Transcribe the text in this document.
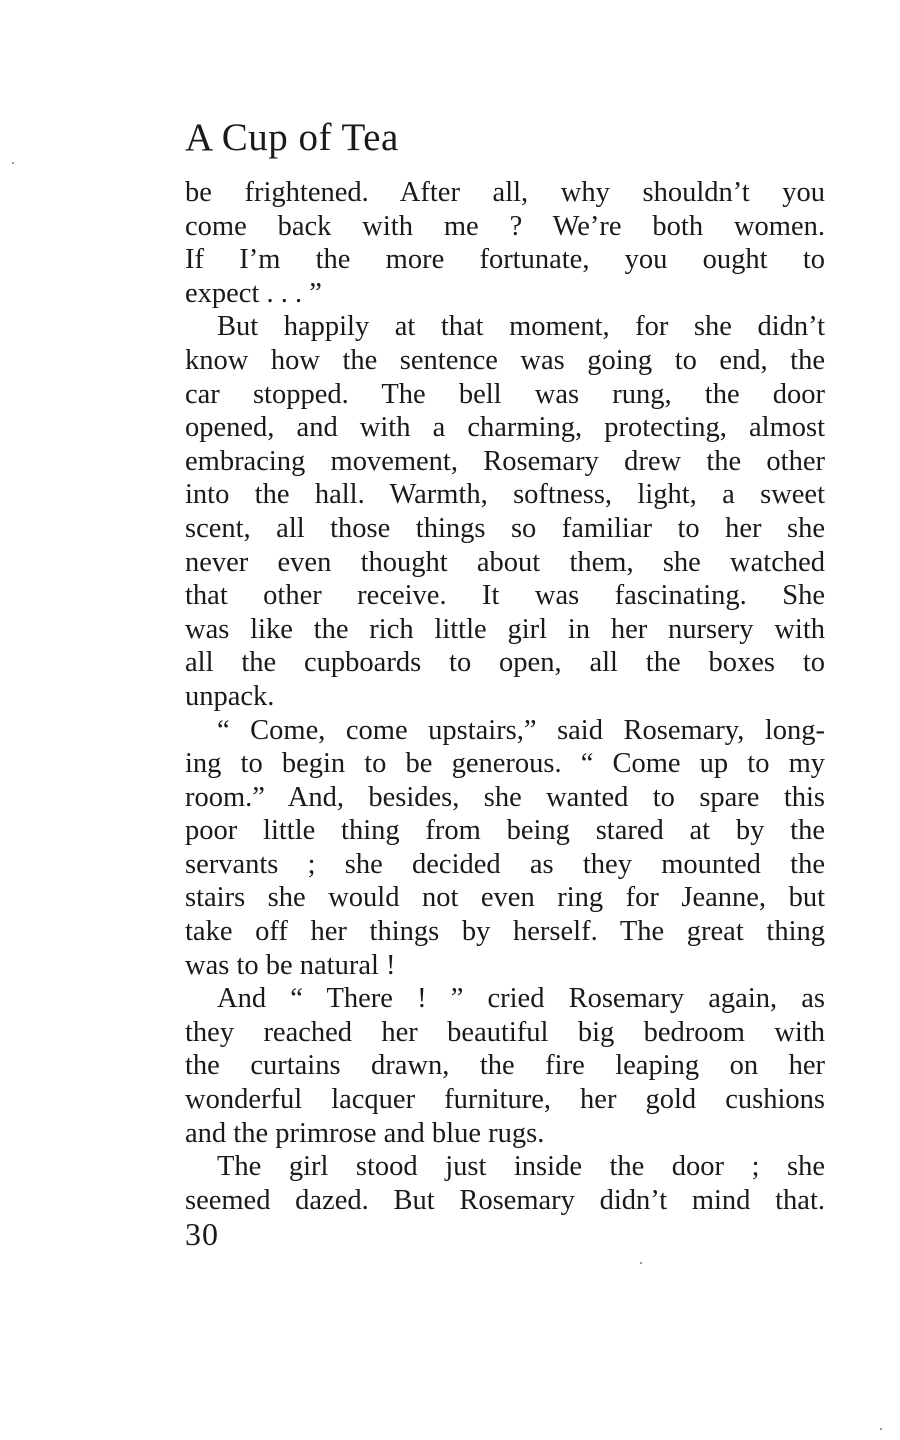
A Cup of Tea
be frightened. After all, why shouldn’t you
come back with me ? We’re both women.
If I’m the more fortunate, you ought to
expect . . . ”
But happily at that moment, for she didn’t
know how the sentence was going to end, the
car stopped. The bell was rung, the door
opened, and with a charming, protecting, almost
embracing movement, Rosemary drew the other
into the hall. Warmth, softness, light, a sweet
scent, all those things so familiar to her she
never even thought about them, she watched
that other receive. It was fascinating. She
was like the rich little girl in her nursery with
all the cupboards to open, all the boxes to
unpack.
“ Come, come upstairs,” said Rosemary, long-
ing to begin to be generous. “ Come up to my
room.” And, besides, she wanted to spare this
poor little thing from being stared at by the
servants ; she decided as they mounted the
stairs she would not even ring for Jeanne, but
take off her things by herself. The great thing
was to be natural !
And “ There ! ” cried Rosemary again, as
they reached her beautiful big bedroom with
the curtains drawn, the fire leaping on her
wonderful lacquer furniture, her gold cushions
and the primrose and blue rugs.
The girl stood just inside the door ; she
seemed dazed. But Rosemary didn’t mind that.
30
